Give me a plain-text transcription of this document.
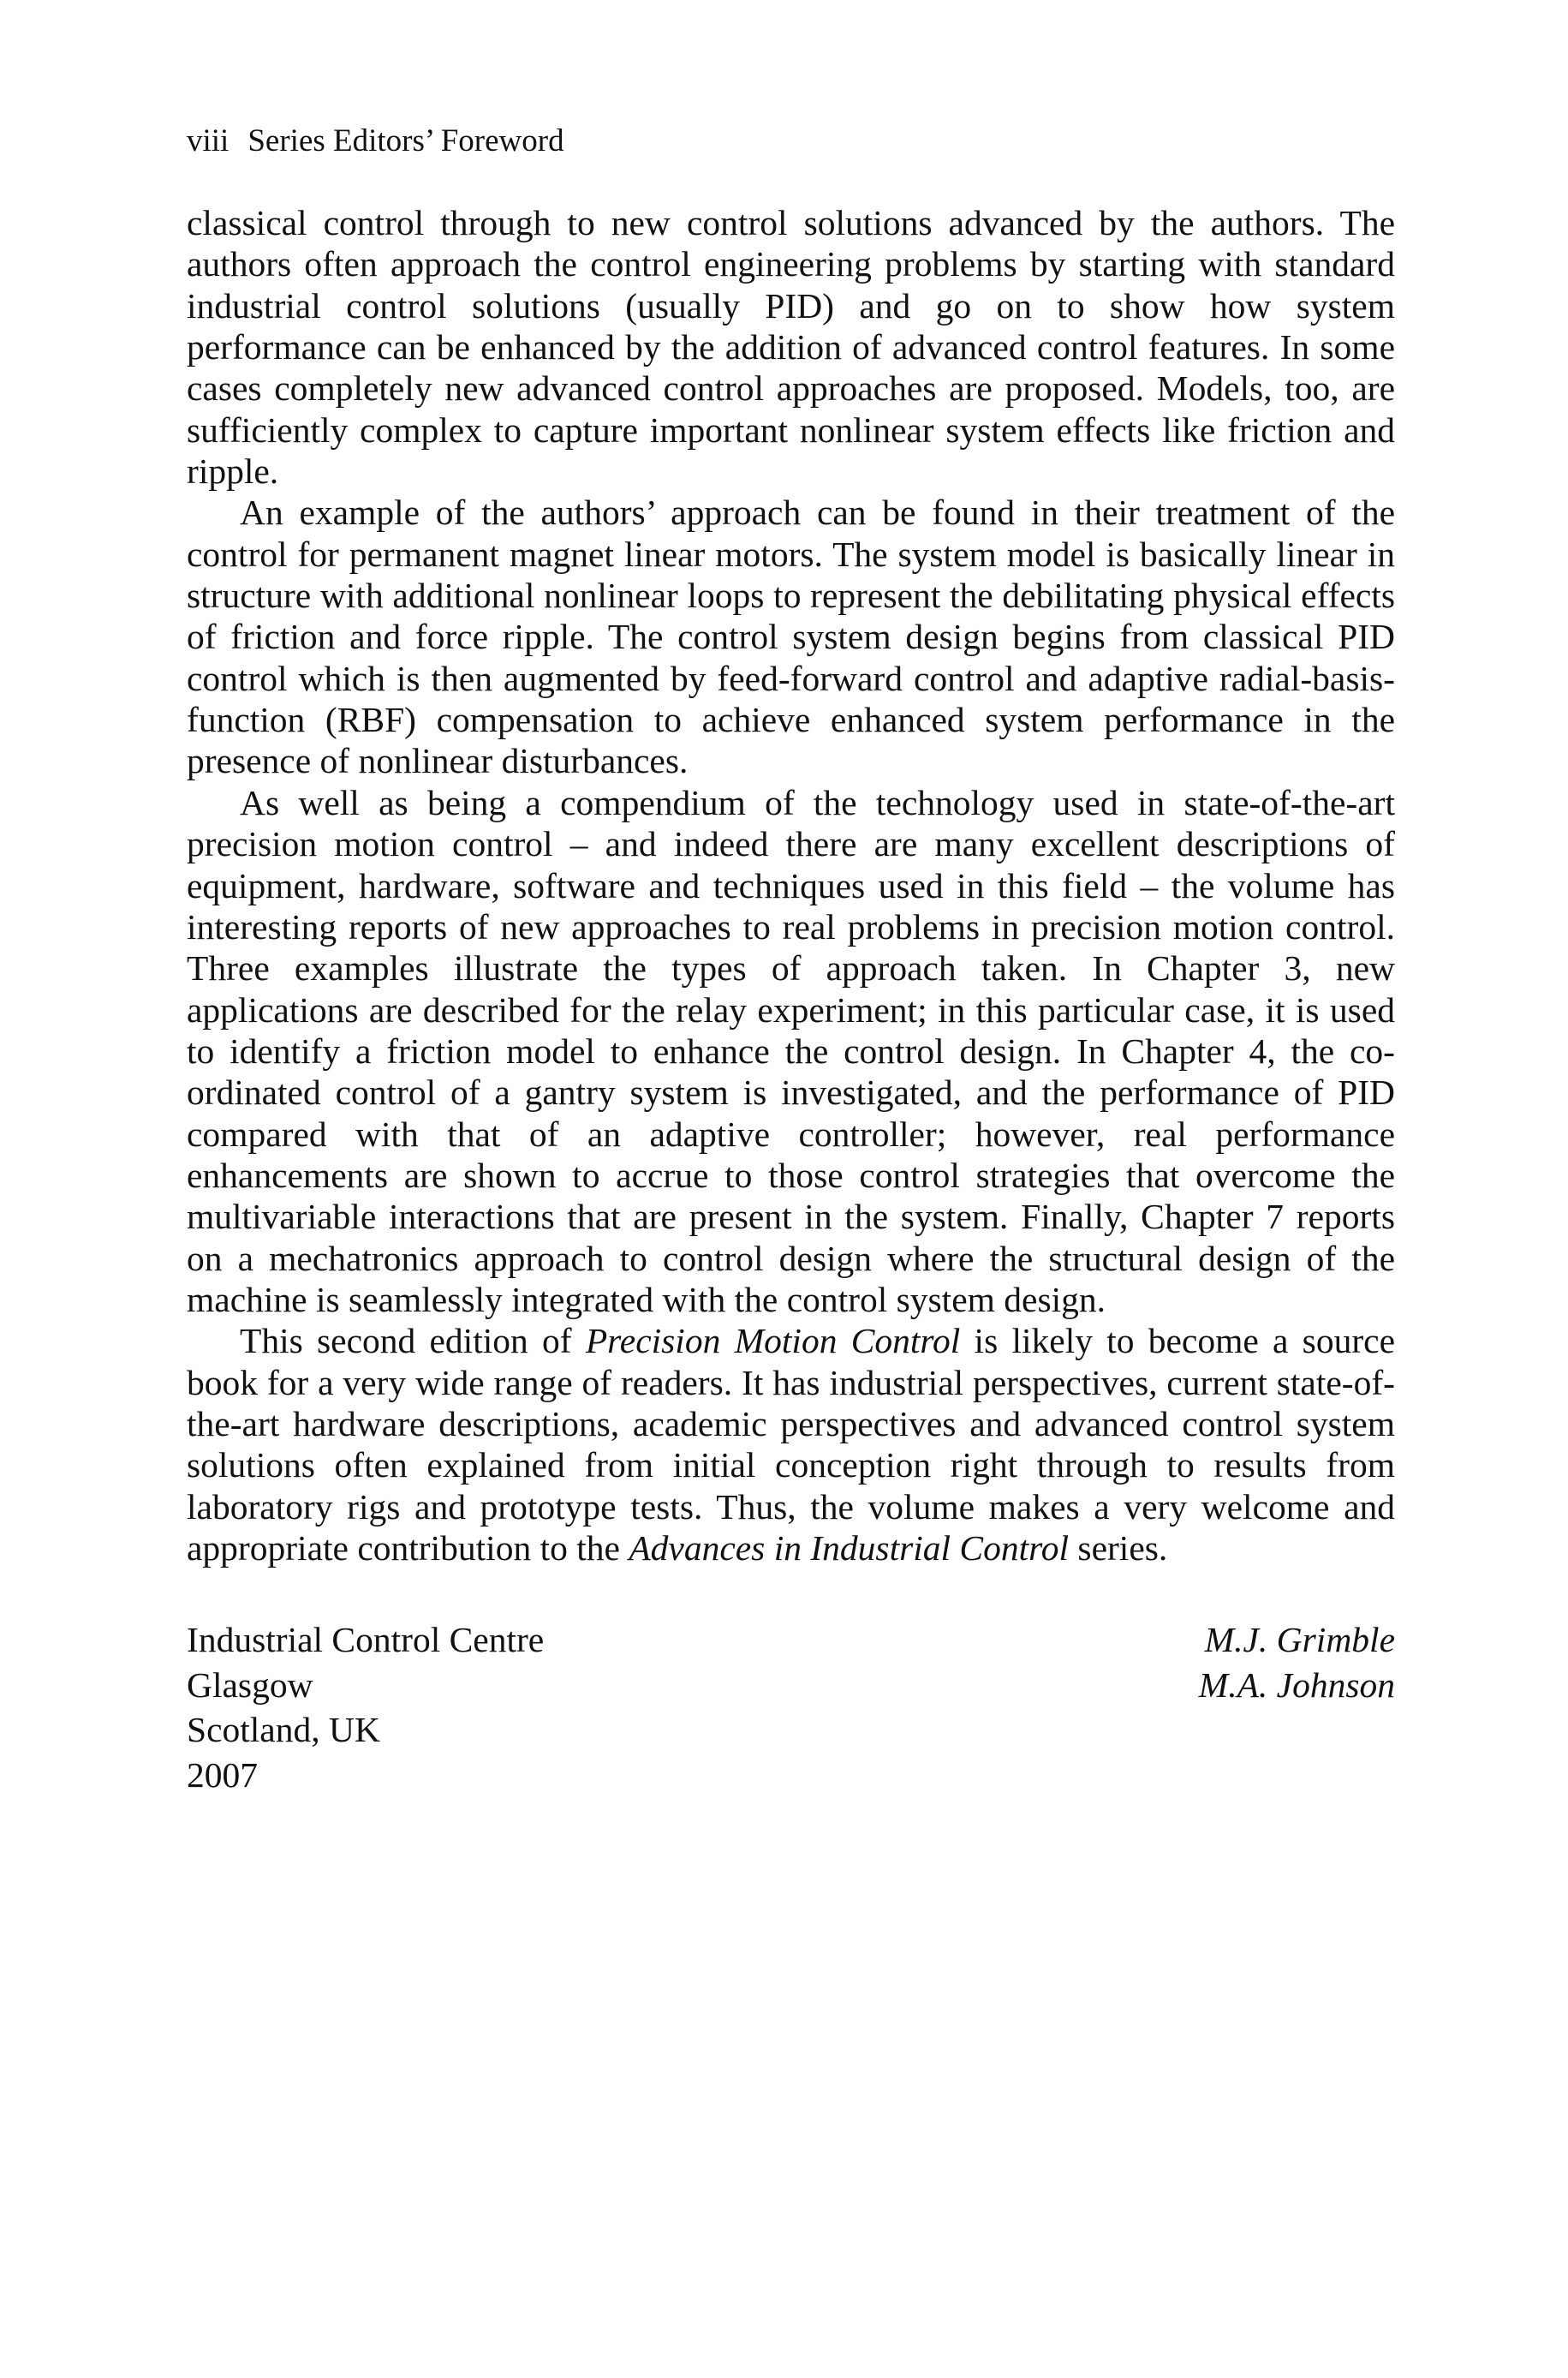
viii Series Editors’ Foreword

classical control through to new control solutions advanced by the authors. The authors often approach the control engineering problems by starting with standard industrial control solutions (usually PID) and go on to show how system performance can be enhanced by the addition of advanced control features. In some cases completely new advanced control approaches are proposed. Models, too, are sufficiently complex to capture important nonlinear system effects like friction and ripple.

An example of the authors’ approach can be found in their treatment of the control for permanent magnet linear motors. The system model is basically linear in structure with additional nonlinear loops to represent the debilitating physical effects of friction and force ripple. The control system design begins from classical PID control which is then augmented by feed-forward control and adaptive radial-basis-function (RBF) compensation to achieve enhanced system performance in the presence of nonlinear disturbances.

As well as being a compendium of the technology used in state-of-the-art precision motion control – and indeed there are many excellent descriptions of equipment, hardware, software and techniques used in this field – the volume has interesting reports of new approaches to real problems in precision motion control. Three examples illustrate the types of approach taken. In Chapter 3, new applications are described for the relay experiment; in this particular case, it is used to identify a friction model to enhance the control design. In Chapter 4, the co-ordinated control of a gantry system is investigated, and the performance of PID compared with that of an adaptive controller; however, real performance enhancements are shown to accrue to those control strategies that overcome the multivariable interactions that are present in the system. Finally, Chapter 7 reports on a mechatronics approach to control design where the structural design of the machine is seamlessly integrated with the control system design.

This second edition of Precision Motion Control is likely to become a source book for a very wide range of readers. It has industrial perspectives, current state-of-the-art hardware descriptions, academic perspectives and advanced control system solutions often explained from initial conception right through to results from laboratory rigs and prototype tests. Thus, the volume makes a very welcome and appropriate contribution to the Advances in Industrial Control series.

Industrial Control Centre
Glasgow
Scotland, UK
2007
M.J. Grimble
M.A. Johnson
